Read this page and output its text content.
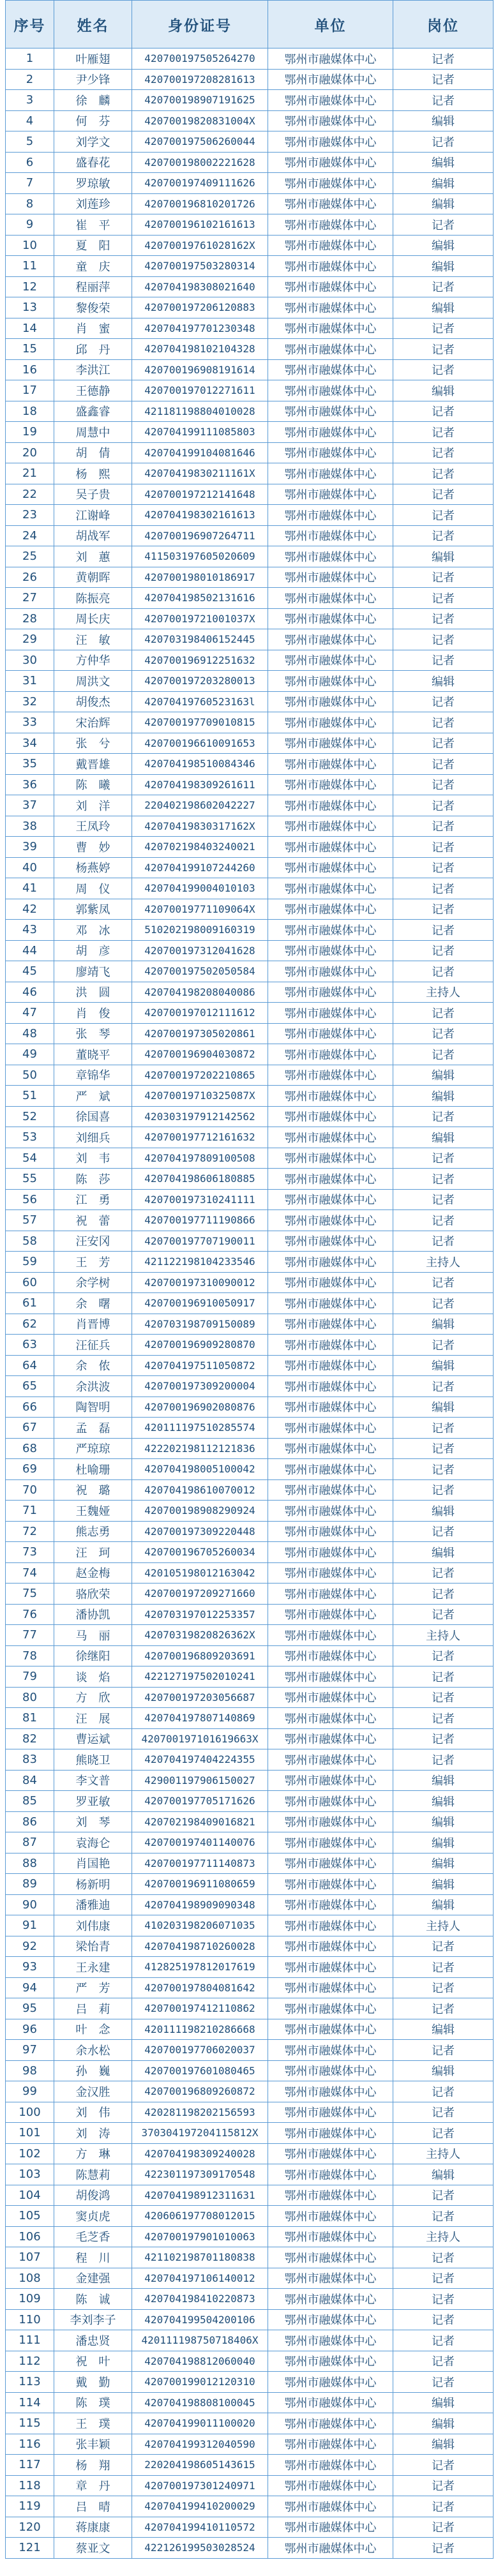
序号	姓名	身份证号	单位	岗位
1	叶雁翅	420700197505264270	鄂州市融媒体中心	记者
2	尹少锋	420700197208281613	鄂州市融媒体中心	记者
3	徐　麟	420700198907191625	鄂州市融媒体中心	记者
4	何　芬	42070019820831004X	鄂州市融媒体中心	编辑
5	刘学文	420700197506260044	鄂州市融媒体中心	记者
6	盛春花	420700198002221628	鄂州市融媒体中心	编辑
7	罗琼敏	420700197409111626	鄂州市融媒体中心	编辑
8	刘莲珍	420700196810201726	鄂州市融媒体中心	编辑
9	崔　平	420700196102161613	鄂州市融媒体中心	记者
10	夏　阳	42070019761028162X	鄂州市融媒体中心	编辑
11	童　庆	420700197503280314	鄂州市融媒体中心	编辑
12	程丽萍	420704198308021640	鄂州市融媒体中心	记者
13	黎俊荣	420700197206120883	鄂州市融媒体中心	编辑
14	肖　蜜	420704197701230348	鄂州市融媒体中心	记者
15	邱　丹	420704198102104328	鄂州市融媒体中心	记者
16	李洪江	420700196908191614	鄂州市融媒体中心	记者
17	王德静	420700197012271611	鄂州市融媒体中心	编辑
18	盛鑫睿	421181198804010028	鄂州市融媒体中心	记者
19	周慧中	420704199111085803	鄂州市融媒体中心	记者
20	胡　倩	420704199104081646	鄂州市融媒体中心	记者
21	杨　熙	42070419830211161X	鄂州市融媒体中心	记者
22	吴子贵	420700197212141648	鄂州市融媒体中心	记者
23	江谢峰	420704198302161613	鄂州市融媒体中心	记者
24	胡战军	420700196907264711	鄂州市融媒体中心	记者
25	刘　蕙	411503197605020609	鄂州市融媒体中心	编辑
26	黄朝晖	420700198010186917	鄂州市融媒体中心	记者
27	陈振亮	420704198502131616	鄂州市融媒体中心	记者
28	周长庆	42070019721001037X	鄂州市融媒体中心	记者
29	汪　敏	420703198406152445	鄂州市融媒体中心	记者
30	方仲华	420700196912251632	鄂州市融媒体中心	记者
31	周洪文	420700197203280013	鄂州市融媒体中心	编辑
32	胡俊杰	42070419760523163l	鄂州市融媒体中心	记者
33	宋治辉	420700197709010815	鄂州市融媒体中心	记者
34	张　兮	420700196610091653	鄂州市融媒体中心	记者
35	戴晋雄	420704198510084346	鄂州市融媒体中心	记者
36	陈　曦	420704198309261611	鄂州市融媒体中心	记者
37	刘　洋	220402198602042227	鄂州市融媒体中心	记者
38	王凤玲	42070419830317162X	鄂州市融媒体中心	记者
39	曹　妙	420702198403240021	鄂州市融媒体中心	记者
40	杨燕婷	420704199107244260	鄂州市融媒体中心	记者
41	周　仪	420704199004010103	鄂州市融媒体中心	记者
42	郭紫凤	42070019771109064X	鄂州市融媒体中心	记者
43	邓　冰	510202198009160319	鄂州市融媒体中心	记者
44	胡　彦	420700197312041628	鄂州市融媒体中心	记者
45	廖靖飞	420700197502050584	鄂州市融媒体中心	记者
46	洪　圆	420704198208040086	鄂州市融媒体中心	主持人
47	肖　俊	420700197012111612	鄂州市融媒体中心	记者
48	张　琴	420700197305020861	鄂州市融媒体中心	记者
49	董晓平	420700196904030872	鄂州市融媒体中心	记者
50	章锦华	420700197202210865	鄂州市融媒体中心	编辑
51	严　斌	42070019710325087X	鄂州市融媒体中心	编辑
52	徐国喜	420303197912142562	鄂州市融媒体中心	记者
53	刘细兵	420700197712161632	鄂州市融媒体中心	编辑
54	刘　韦	420704197809100508	鄂州市融媒体中心	记者
55	陈　莎	420704198606180885	鄂州市融媒体中心	记者
56	江　勇	420700197310241111	鄂州市融媒体中心	记者
57	祝　蕾	420700197711190866	鄂州市融媒体中心	记者
58	汪安冈	420700197707190011	鄂州市融媒体中心	记者
59	王　芳	421122198104233546	鄂州市融媒体中心	主持人
60	余学树	420700197310090012	鄂州市融媒体中心	记者
61	余　曙	420700196910050917	鄂州市融媒体中心	记者
62	肖晋博	420703198709150089	鄂州市融媒体中心	编辑
63	汪征兵	420700196909280870	鄂州市融媒体中心	记者
64	余　侬	420704197511050872	鄂州市融媒体中心	编辑
65	余洪波	420700197309200004	鄂州市融媒体中心	记者
66	陶智明	420700196902080876	鄂州市融媒体中心	编辑
67	孟　磊	420111197510285574	鄂州市融媒体中心	记者
68	严琼琼	422202198112121836	鄂州市融媒体中心	记者
69	杜喻珊	420704198005100042	鄂州市融媒体中心	记者
70	祝　璐	420704198610070012	鄂州市融媒体中心	记者
71	王魏娅	420700198908290924	鄂州市融媒体中心	编辑
72	熊志勇	420700197309220448	鄂州市融媒体中心	记者
73	汪　珂	420700196705260034	鄂州市融媒体中心	编辑
74	赵金梅	420105198012163042	鄂州市融媒体中心	记者
75	骆欣荣	420700197209271660	鄂州市融媒体中心	记者
76	潘协凯	420703197012253357	鄂州市融媒体中心	记者
77	马　丽	42070319820826362X	鄂州市融媒体中心	主持人
78	徐继阳	420700196809203691	鄂州市融媒体中心	记者
79	谈　焰	422127197502010241	鄂州市融媒体中心	记者
80	方　欣	420700197203056687	鄂州市融媒体中心	记者
81	汪　展	420704197807140869	鄂州市融媒体中心	记者
82	曹运斌	420700197101619663X	鄂州市融媒体中心	记者
83	熊晓卫	420704197404224355	鄂州市融媒体中心	记者
84	李文普	429001197906150027	鄂州市融媒体中心	编辑
85	罗亚敏	420700197705171626	鄂州市融媒体中心	编辑
86	刘　琴	420702198409016821	鄂州市融媒体中心	编辑
87	袁海仑	420700197401140076	鄂州市融媒体中心	编辑
88	肖国艳	420700197711140873	鄂州市融媒体中心	编辑
89	杨新明	420700196911080659	鄂州市融媒体中心	编辑
90	潘雅迪	420704198909090348	鄂州市融媒体中心	编辑
91	刘伟康	410203198206071035	鄂州市融媒体中心	主持人
92	梁怡青	420704198710260028	鄂州市融媒体中心	记者
93	王永建	412825197812017619	鄂州市融媒体中心	记者
94	严　芳	420700197804081642	鄂州市融媒体中心	记者
95	吕　莉	420700197412110862	鄂州市融媒体中心	记者
96	叶　念	420111198210286668	鄂州市融媒体中心	编辑
97	余水松	420700197706020037	鄂州市融媒体中心	记者
98	孙　巍	420700197601080465	鄂州市融媒体中心	编辑
99	金汉胜	420700196809260872	鄂州市融媒体中心	记者
100	刘　伟	420281198202156593	鄂州市融媒体中心	记者
101	刘　涛	370304197204115812X	鄂州市融媒体中心	记者
102	方　琳	420704198309240028	鄂州市融媒体中心	主持人
103	陈慧莉	422301197309170548	鄂州市融媒体中心	编辑
104	胡俊鸿	420704198912311631	鄂州市融媒体中心	记者
105	窦贞虎	420606197708012015	鄂州市融媒体中心	记者
106	毛芝香	420700197901010063	鄂州市融媒体中心	主持人
107	程　川	421102198701180838	鄂州市融媒体中心	记者
108	金建强	420704197106140012	鄂州市融媒体中心	记者
109	陈　诚	420704198410220873	鄂州市融媒体中心	记者
110	李刘李子	420704199504200106	鄂州市融媒体中心	记者
111	潘忠贤	420111198750718406X	鄂州市融媒体中心	记者
112	祝　叶	420704198812060040	鄂州市融媒体中心	记者
113	戴　勤	420700199012120310	鄂州市融媒体中心	记者
114	陈　璞	420704198808100045	鄂州市融媒体中心	编辑
115	王　璞	420704199011100020	鄂州市融媒体中心	编辑
116	张丰颖	420704199312040590	鄂州市融媒体中心	编辑
117	杨　翔	220204198605143615	鄂州市融媒体中心	记者
118	章　丹	420700197301240971	鄂州市融媒体中心	记者
119	吕　晴	420704199410200029	鄂州市融媒体中心	记者
120	蒋康康	420704199410110572	鄂州市融媒体中心	记者
121	蔡亚文	422126199503028524	鄂州市融媒体中心	记者
